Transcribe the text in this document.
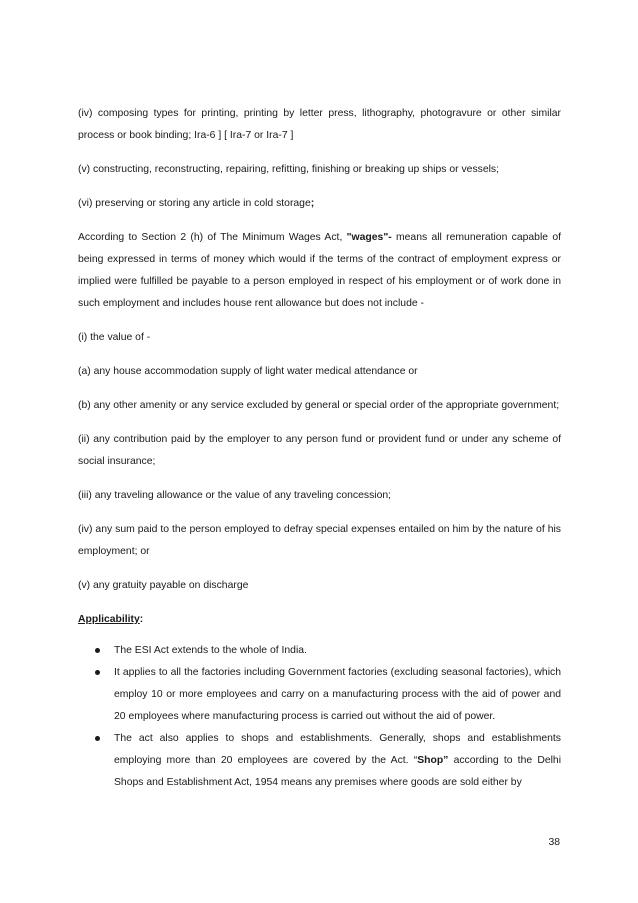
(iv) composing types for printing, printing by letter press, lithography, photogravure or other similar process or book binding; Ira-6 ] [ Ira-7 or Ira-7 ]

(v) constructing, reconstructing, repairing, refitting, finishing or breaking up ships or vessels;

(vi) preserving or storing any article in cold storage;

According to Section 2 (h) of The Minimum Wages Act, "wages"- means all remuneration capable of being expressed in terms of money which would if the terms of the contract of employment express or implied were fulfilled be payable to a person employed in respect of his employment or of work done in such employment and includes house rent allowance but does not include -

(i) the value of -

(a) any house accommodation supply of light water medical attendance or

(b) any other amenity or any service excluded by general or special order of the appropriate government;

(ii) any contribution paid by the employer to any person fund or provident fund or under any scheme of social insurance;

(iii) any traveling allowance or the value of any traveling concession;

(iv) any sum paid to the person employed to defray special expenses entailed on him by the nature of his employment; or

(v) any gratuity payable on discharge

Applicability:

The ESI Act extends to the whole of India.
It applies to all the factories including Government factories (excluding seasonal factories), which employ 10 or more employees and carry on a manufacturing process with the aid of power and 20 employees where manufacturing process is carried out without the aid of power.
The act also applies to shops and establishments. Generally, shops and establishments employing more than 20 employees are covered by the Act. “Shop” according to the Delhi Shops and Establishment Act, 1954 means any premises where goods are sold either by
38
